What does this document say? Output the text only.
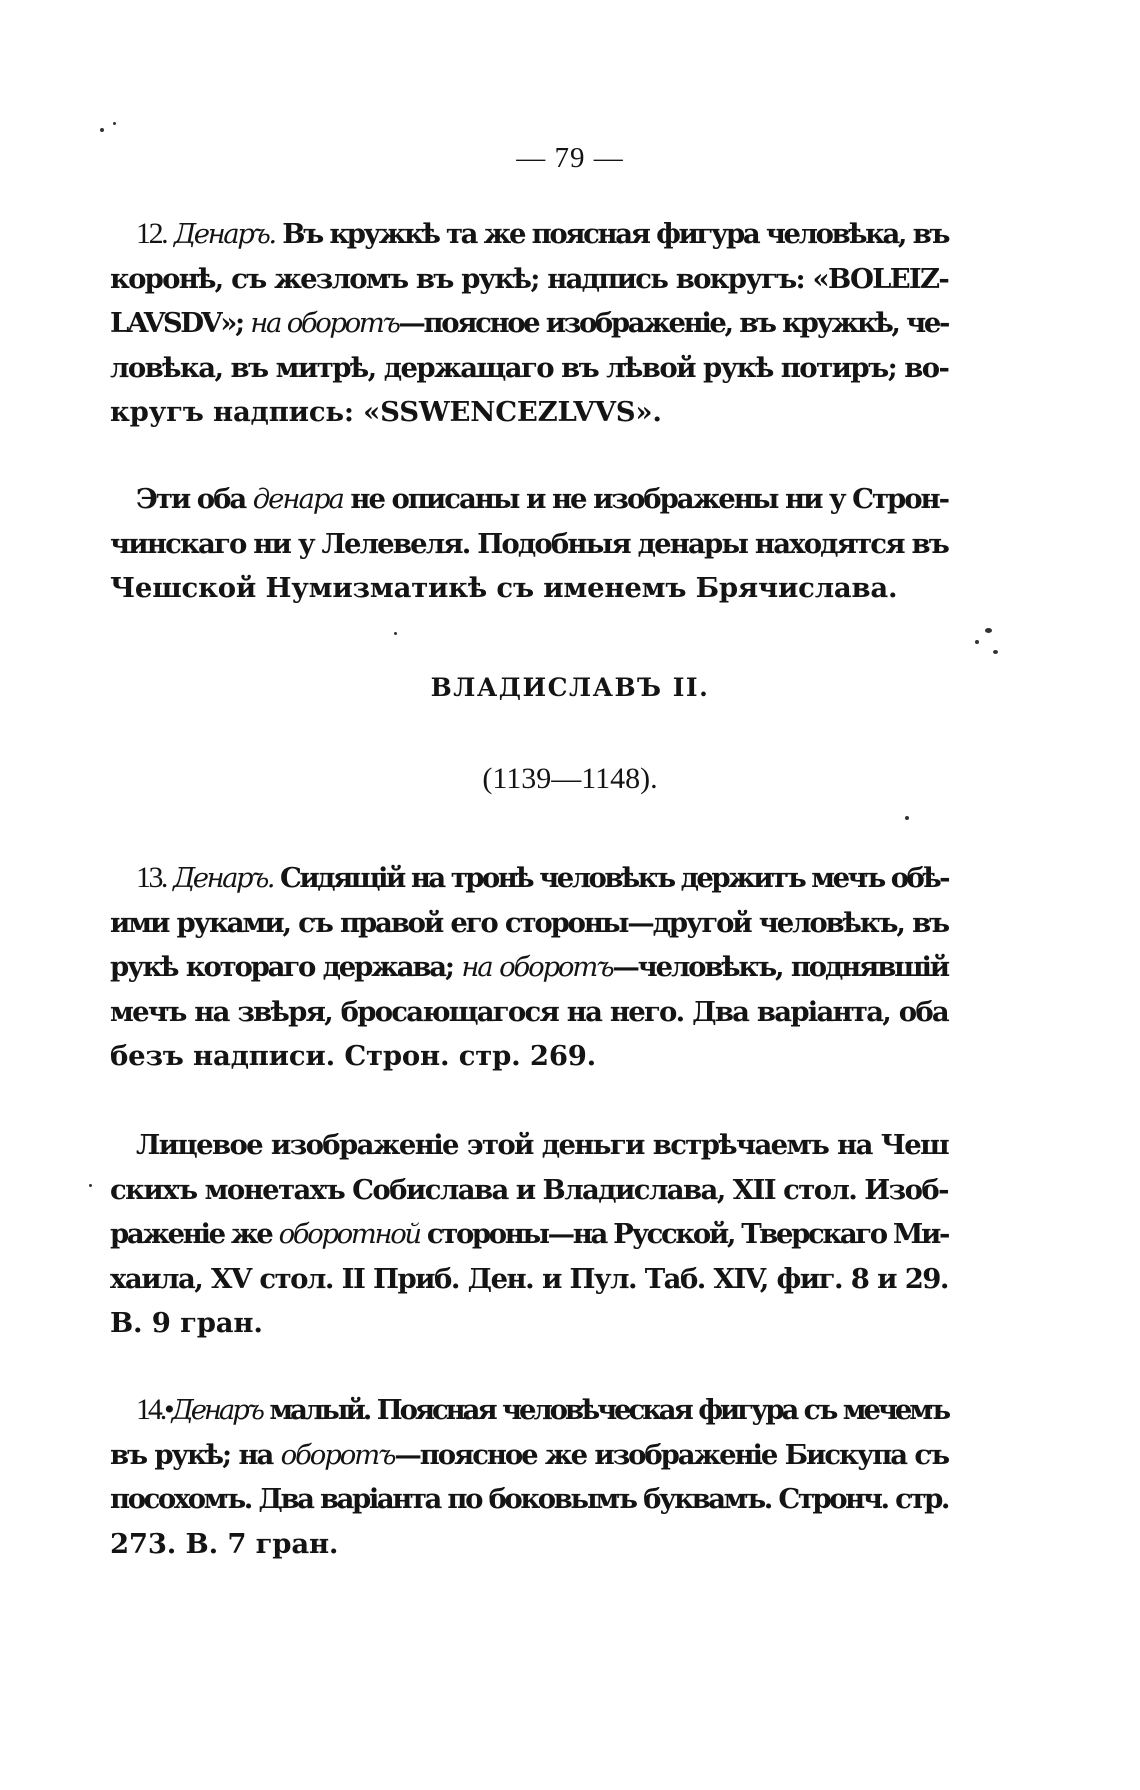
— 79 —
12. Денаръ. Въ кружкѣ та же поясная фигура человѣка, въ
коронѣ, съ жезломъ въ рукѣ; надпись вокругъ: «BOLEIZ-
LAVSDV»; на оборотъ—поясное изображеніе, въ кружкѣ, че-
ловѣка, въ митрѣ, держащаго въ лѣвой рукѣ потиръ; во-
кругъ надпись: «SSWENCEZLVVS».
Эти оба денара не описаны и не изображены ни у Строн-
чинскаго ни у Лелевеля. Подобныя денары находятся въ
Чешской Нумизматикѣ съ именемъ Брячислава.
ВЛАДИСЛАВЪ II.
(1139—1148).
13. Денаръ. Сидящій на тронѣ человѣкъ держитъ мечъ обѣ-
ими руками, съ правой его стороны—другой человѣкъ, въ
рукѣ котораго держава; на оборотъ—человѣкъ, поднявшій
мечъ на звѣря, бросающагося на него. Два варіанта, оба
безъ надписи. Строн. стр. 269.
Лицевое изображеніе этой деньги встрѣчаемъ на Чеш
скихъ монетахъ Собислава и Владислава, XII стол. Изоб-
раженіе же оборотной стороны—на Русской, Тверскаго Ми-
хаила, XV стол. II Приб. Ден. и Пул. Таб. XIV, фиг. 8 и 29.
В. 9 гран.
14.•Денаръ малый. Поясная человѣческая фигура съ мечемъ
въ рукѣ; на оборотъ—поясное же изображеніе Бискупа съ
посохомъ. Два варіанта по боковымъ буквамъ. Стронч. стр.
273. В. 7 гран.
